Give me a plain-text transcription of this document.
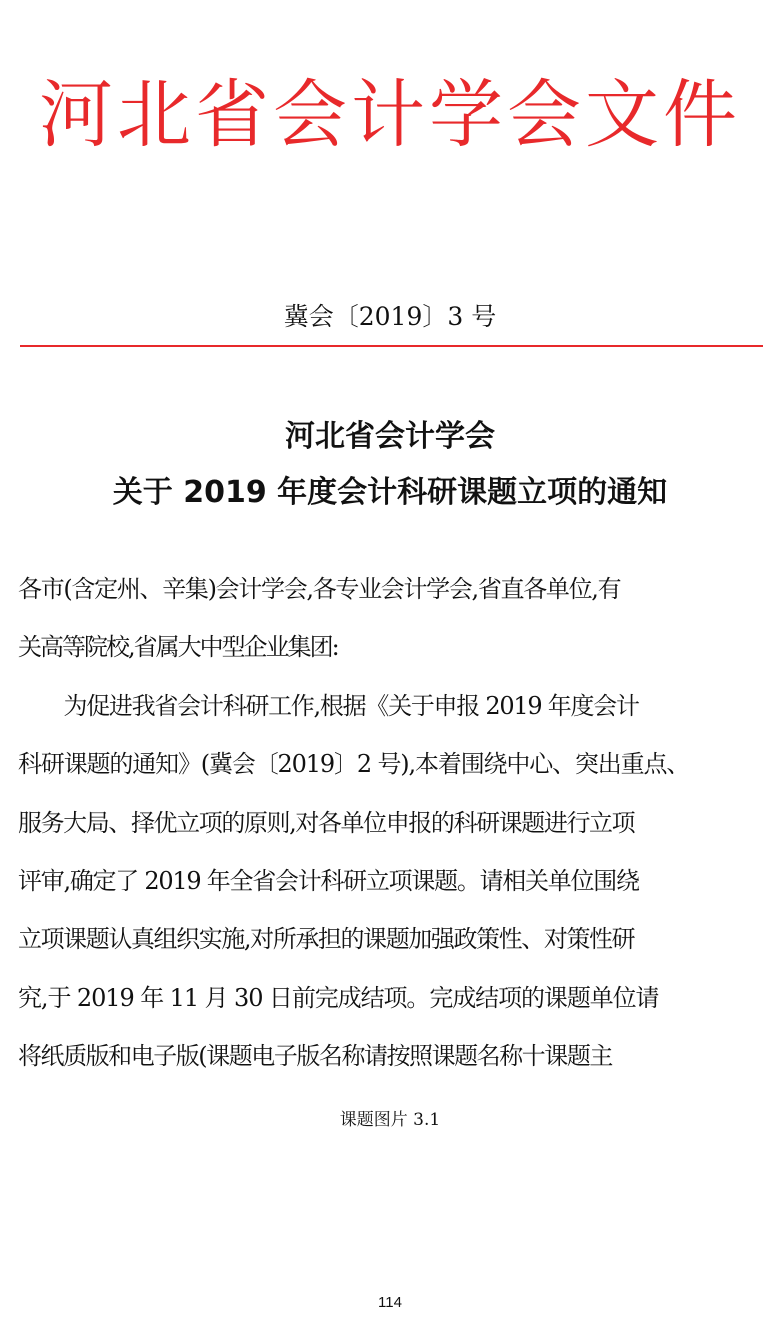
河北省会计学会文件
冀会〔2019〕3 号
河北省会计学会
关于 2019 年度会计科研课题立项的通知
各市(含定州、辛集)会计学会,各专业会计学会,省直各单位,有
关高等院校,省属大中型企业集团:
　　为促进我省会计科研工作,根据《关于申报 2019 年度会计
科研课题的通知》(冀会〔2019〕2 号),本着围绕中心、突出重点、
服务大局、择优立项的原则,对各单位申报的科研课题进行立项
评审,确定了 2019 年全省会计科研立项课题。请相关单位围绕
立项课题认真组织实施,对所承担的课题加强政策性、对策性研
究,于 2019 年 11 月 30 日前完成结项。完成结项的课题单位请
将纸质版和电子版(课题电子版名称请按照课题名称十课题主
课题图片 3.1
114
